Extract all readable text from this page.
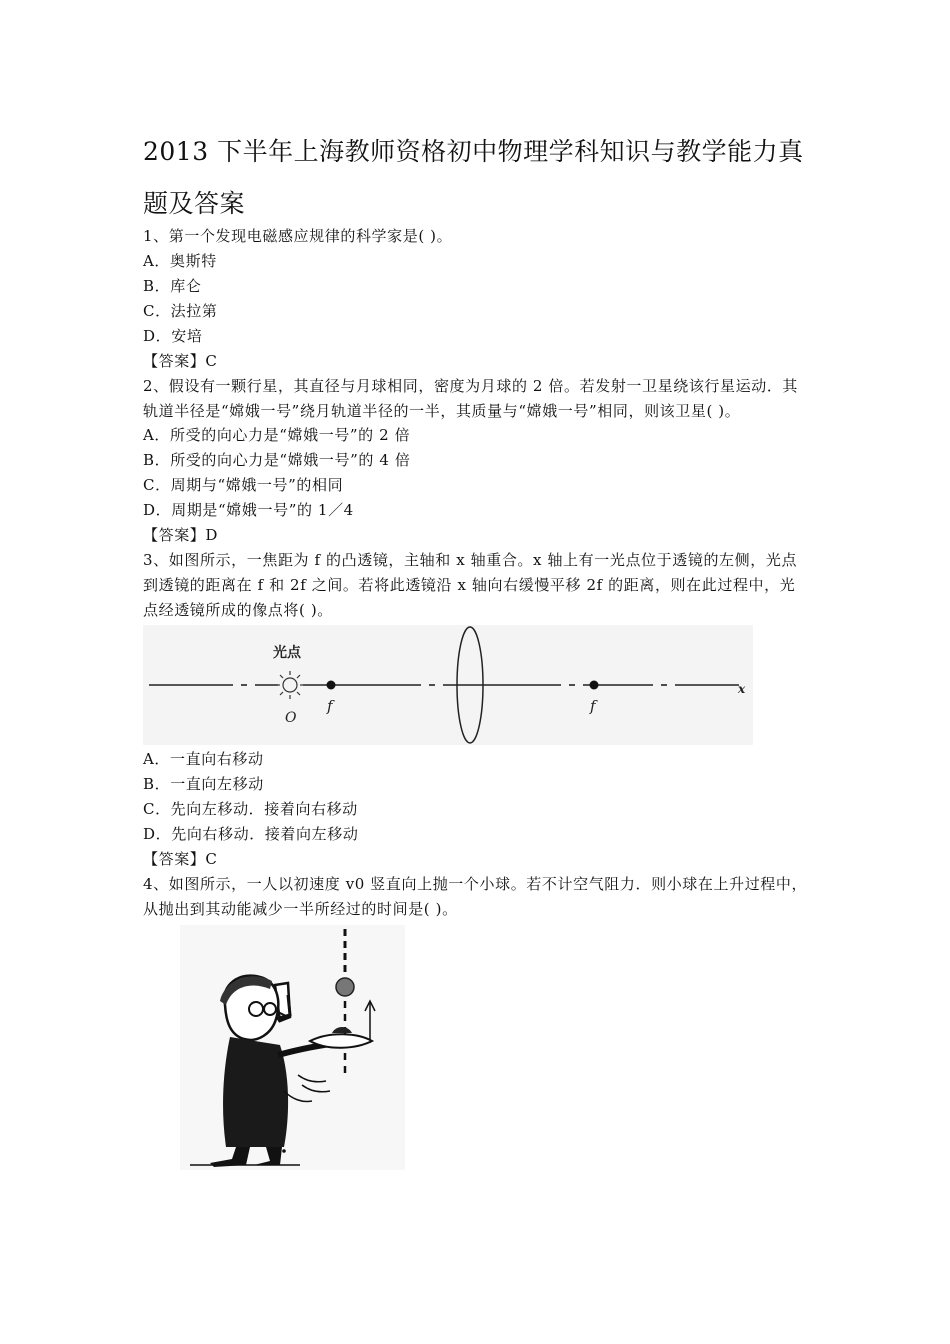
2013 下半年上海教师资格初中物理学科知识与教学能力真
题及答案
1、第一个发现电磁感应规律的科学家是( )。
A．奥斯特
B．库仑
C．法拉第
D．安培
【答案】C
2、假设有一颗行星，其直径与月球相同，密度为月球的 2 倍。若发射一卫星绕该行星运动．其
轨道半径是“嫦娥一号”绕月轨道半径的一半，其质量与“嫦娥一号”相同，则该卫星( )。
A．所受的向心力是“嫦娥一号”的 2 倍
B．所受的向心力是“嫦娥一号”的 4 倍
C．周期与“嫦娥一号”的相同
D．周期是“嫦娥一号”的 1／4
【答案】D
3、如图所示，一焦距为 f 的凸透镜，主轴和 x 轴重合。x 轴上有一光点位于透镜的左侧，光点
到透镜的距离在 f 和 2f 之间。若将此透镜沿 x 轴向右缓慢平移 2f 的距离，则在此过程中，光
点经透镜所成的像点将( )。
光点
O
f	f
x
A．一直向右移动
B．一直向左移动
C．先向左移动．接着向右移动
D．先向右移动．接着向左移动
【答案】C
4、如图所示，一人以初速度 v0 竖直向上抛一个小球。若不计空气阻力．则小球在上升过程中，
从抛出到其动能减少一半所经过的时间是( )。
